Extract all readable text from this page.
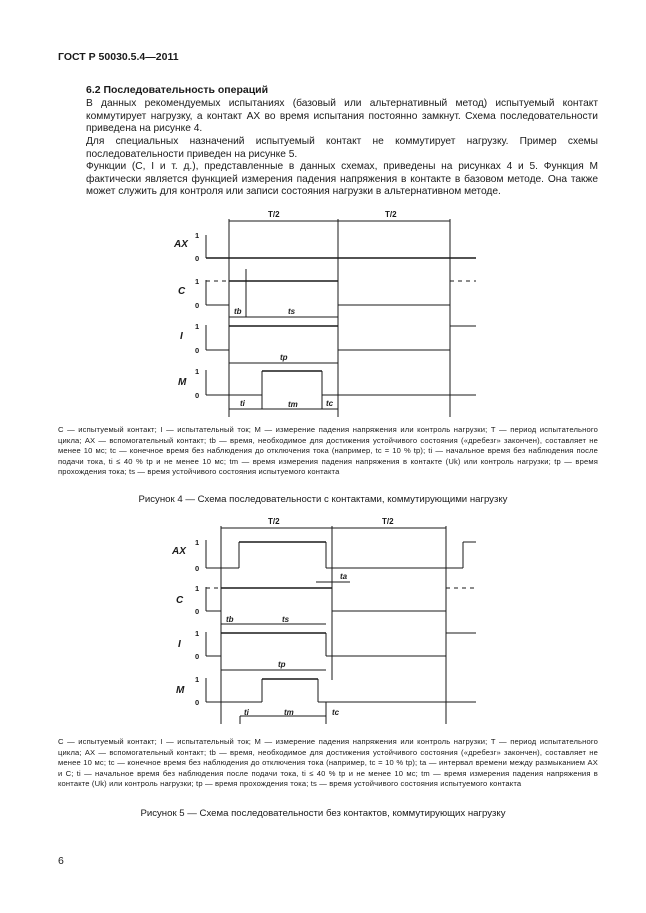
ГОСТ Р 50030.5.4—2011
6.2 Последовательность операций
В данных рекомендуемых испытаниях (базовый или альтернативный метод) испытуемый контакт коммутирует нагрузку, а контакт AX во время испытания постоянно замкнут. Схема последовательности приведена на рисунке 4.
Для специальных назначений испытуемый контакт не коммутирует нагрузку. Пример схемы последовательности приведен на рисунке 5.
Функции (C, I и т. д.), представленные в данных схемах, приведены на рисунках 4 и 5. Функция M фактически является функцией измерения падения напряжения в контакте в базовом методе. Она также может служить для контроля или записи состояния нагрузки в альтернативном методе.
T/2	T/2
AX
C
I
M
1
0
1
0
1
0
1
0
tb	ts
tp
ti	tm	tc
C — испытуемый контакт; I — испытательный ток; M — измерение падения напряжения или контроль нагрузки; T — период испытательного цикла; AX — вспомогательный контакт; tb — время, необходимое для достижения устойчивого состояния («дребезг» закончен), составляет не менее 10 мс; tc — конечное время без наблюдения до отключения тока (например, tc = 10 % tp); ti — начальное время без наблюдения после подачи тока, ti ≤ 40 % tp и не менее 10 мс; tm — время измерения падения напряжения в контакте (Uk) или контроль нагрузки; tp — время прохождения тока; ts — время устойчивого состояния испытуемого контакта
Рисунок 4 — Схема последовательности с контактами, коммутирующими нагрузку
T/2	T/2
AX
C
I
M
1
0
1
0
1
0
1
0
ta
tb	ts
tp
ti	tm	tc
C — испытуемый контакт; I — испытательный ток; M — измерение падения напряжения или контроль нагрузки; T — период испытательного цикла; AX — вспомогательный контакт; tb — время, необходимое для достижения устойчивого состояния («дребезг» закончен), составляет не менее 10 мс; tc — конечное время без наблюдения до отключения тока (например, tc = 10 % tp); ta — интервал времени между размыканием AX и C; ti — начальное время без наблюдения после подачи тока, ti ≤ 40 % tp и не менее 10 мс; tm — время измерения падения напряжения в контакте (Uk) или контроль нагрузки; tp — время прохождения тока; ts — время устойчивого состояния испытуемого контакта
Рисунок 5 — Схема последовательности без контактов, коммутирующих нагрузку
6
